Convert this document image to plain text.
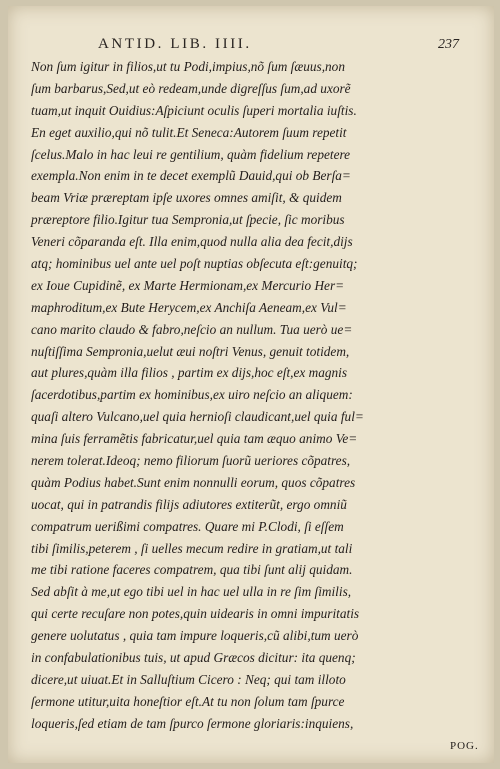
ANTID. LIB. IIII.	237
Non ſum igitur in filios,ut tu Podi,impius,nõ ſum ſæuus,non
ſum barbarus,Sed,ut eò redeam,unde digreſſus ſum,ad uxorẽ
tuam,ut inquit Ouidius:Aſpiciunt oculis ſuperi mortalia iuſtis.
En eget auxilio,qui nõ tulit.Et Seneca:Autorem ſuum repetit
ſcelus.Malo in hac leui re gentilium, quàm fidelium repetere
exempla.Non enim in te decet exemplũ Dauid,qui ob Berſa=
beam Vriæ præreptam ipſe uxores omnes amiſit, & quidem
præreptore filio.Igitur tua Sempronia,ut ſpecie, ſic moribus
Veneri cõparanda eſt. Illa enim,quod nulla alia dea fecit,dijs
atq; hominibus uel ante uel poſt nuptias obſecuta eſt:genuitq;
ex Ioue Cupidinẽ, ex Marte Hermionam,ex Mercurio Her=
maphroditum,ex Bute Herycem,ex Anchiſa Aeneam,ex Vul=
cano marito claudo & fabro,neſcio an nullum. Tua uerò ue=
nuſtiſſima Sempronia,uelut æui noſtri Venus, genuit totidem,
aut plures,quàm illa filios , partim ex dijs,hoc eſt,ex magnis
ſacerdotibus,partim ex hominibus,ex uiro neſcio an aliquem:
quaſi altero Vulcano,uel quia hernioſi claudicant,uel quia ful=
mina ſuis ferramẽtis fabricatur,uel quia tam æquo animo Ve=
nerem tolerat.Ideoq; nemo filiorum ſuorũ ueriores cõpatres,
quàm Podius habet.Sunt enim nonnulli eorum, quos cõpatres
uocat, qui in patrandis filijs adiutores extiterũt, ergo omniũ
compatrum uerißimi compatres. Quare mi P.Clodi, ſi eſſem
tibi ſimilis,peterem , ſi uelles mecum redire in gratiam,ut tali
me tibi ratione faceres compatrem, qua tibi ſunt alij quidam.
Sed abſit à me,ut ego tibi uel in hac uel ulla in re ſim ſimilis,
qui certe recuſare non potes,quin uidearis in omni impuritatis
genere uolutatus , quia tam impure loqueris,cũ alibi,tum uerò
in confabulationibus tuis, ut apud Græcos dicitur: ita quenq;
dicere,ut uiuat.Et in Salluſtium Cicero : Neq; qui tam illoto
ſermone utitur,uita honeſtior eſt.At tu non ſolum tam ſpurce
loqueris,ſed etiam de tam ſpurco ſermone gloriaris:inquiens,
POG.
